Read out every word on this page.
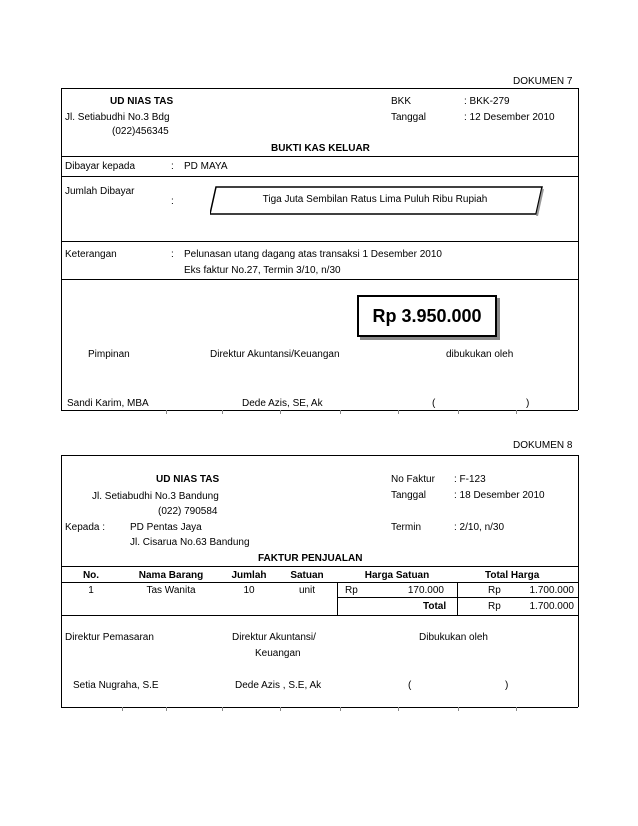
DOKUMEN 7
UD NIAS TAS
Jl. Setiabudhi No.3 Bdg
(022)456345
BKK	: BKK-279
Tanggal	: 12 Desember 2010
BUKTI KAS KELUAR
Dibayar kepada	: PD MAYA
Jumlah Dibayar
:	Tiga Juta Sembilan Ratus Lima Puluh Ribu Rupiah
Keterangan	: Pelunasan utang dagang atas transaksi 1 Desember 2010
Eks faktur No.27, Termin 3/10, n/30
Rp 3.950.000
Pimpinan	Direktur Akuntansi/Keuangan	dibukukan oleh
Sandi Karim, MBA	Dede Azis, SE, Ak	(	)
DOKUMEN 8
UD NIAS TAS
Jl. Setiabudhi No.3 Bandung
(022) 790584
No Faktur : F-123
Tanggal	: 18 Desember 2010
Kepada : PD Pentas Jaya
Jl. Cisarua No.63 Bandung
Termin	: 2/10, n/30
FAKTUR PENJUALAN
No.	Nama Barang	Jumlah	Satuan	Harga Satuan	Total Harga
1	Tas Wanita	10	unit	Rp	170.000	Rp	1.700.000
Total	Rp	1.700.000
Direktur Pemasaran	Direktur Akuntansi/
Keuangan
Dibukukan oleh
Setia Nugraha, S.E	Dede Azis , S.E, Ak	(	)
